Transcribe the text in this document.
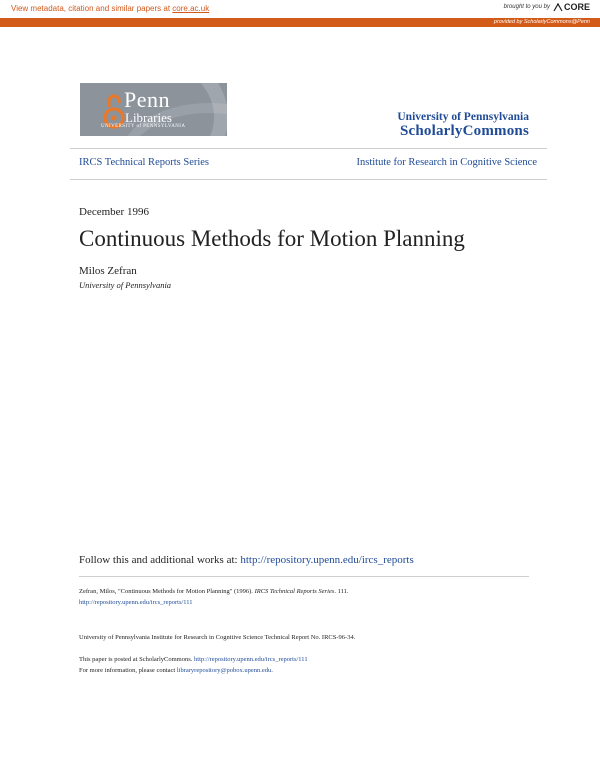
View metadata, citation and similar papers at core.ac.uk	brought to you by CORE
provided by ScholarlyCommons@Penn
Penn
Libraries
UNIVERSITY of PENNSYLVANIA
University of Pennsylvania
ScholarlyCommons
IRCS Technical Reports Series	Institute for Research in Cognitive Science
December 1996
Continuous Methods for Motion Planning
Milos Zefran
University of Pennsylvania
Follow this and additional works at: http://repository.upenn.edu/ircs_reports
Zefran, Milos, "Continuous Methods for Motion Planning" (1996). IRCS Technical Reports Series. 111.
http://repository.upenn.edu/ircs_reports/111
University of Pennsylvania Institute for Research in Cognitive Science Technical Report No. IRCS-96-34.
This paper is posted at ScholarlyCommons. http://repository.upenn.edu/ircs_reports/111
For more information, please contact libraryrepository@pobox.upenn.edu.
